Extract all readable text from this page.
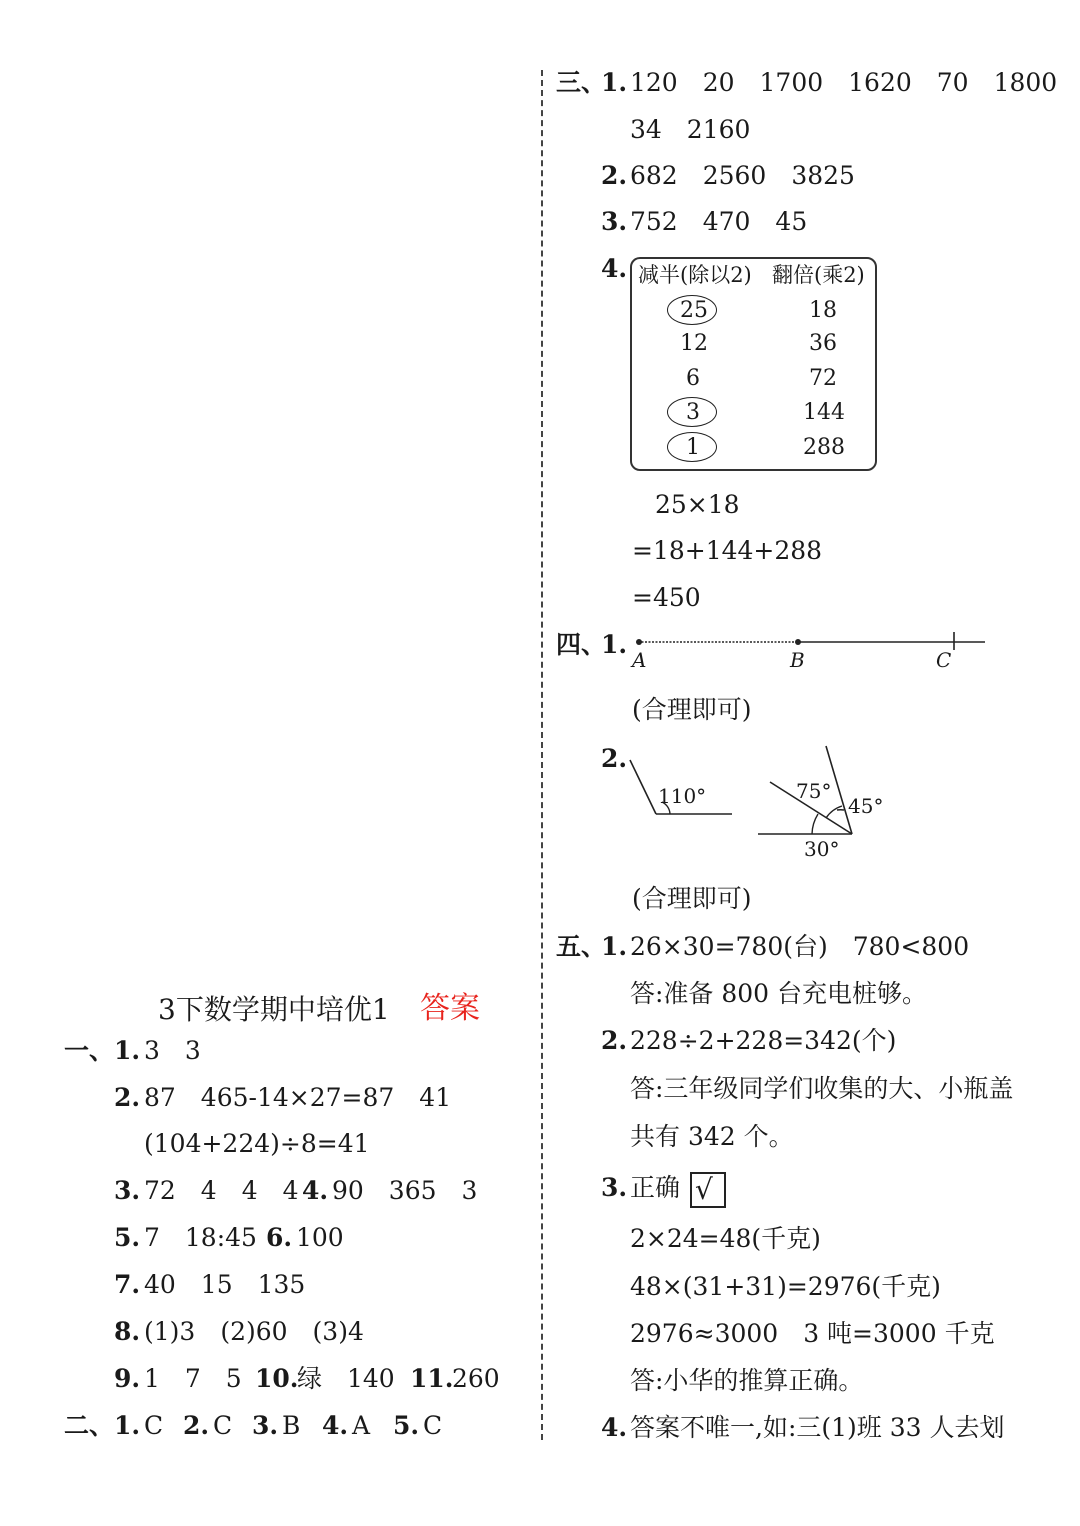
3下数学期中培优1 答案
一、 1. 3　3
2. 87　465-14×27=87　41
(104+224)÷8=41
3. 72　4　4　4 4. 90　365　3
5. 7　18:45 6. 100
7. 40　15　135
8. (1)3　(2)60　(3)4
9. 1　7　5 10.
绿　140 11.
260
二、 1. C 2. C 3. B 4. A 5. C
三、
1. 120　20　1700　1620　70　1800
34　2160
2. 682　2560　3825
3. 752　470　45
4. 减半(除以2) 翻倍(乘2)
25	18
12	36
6	72
3	144
1	288
25×18
=18+144+288
=450
四、
1.
A	B	C
(合理即可)
2.
110°	75°
45°
30°
(合理即可)
五、
1. 26×30=780(台)　780<800
答:准备 800 台充电桩够。
2. 228÷2+228=342(个)
答:三年级同学们收集的大、小瓶盖
共有 342 个。
3. 正确 √
2×24=48(千克)
48×(31+31)=2976(千克)
2976≈3000　3 吨=3000 千克
答:小华的推算正确。
4. 答案不唯一,如:三(1)班 33 人去划
